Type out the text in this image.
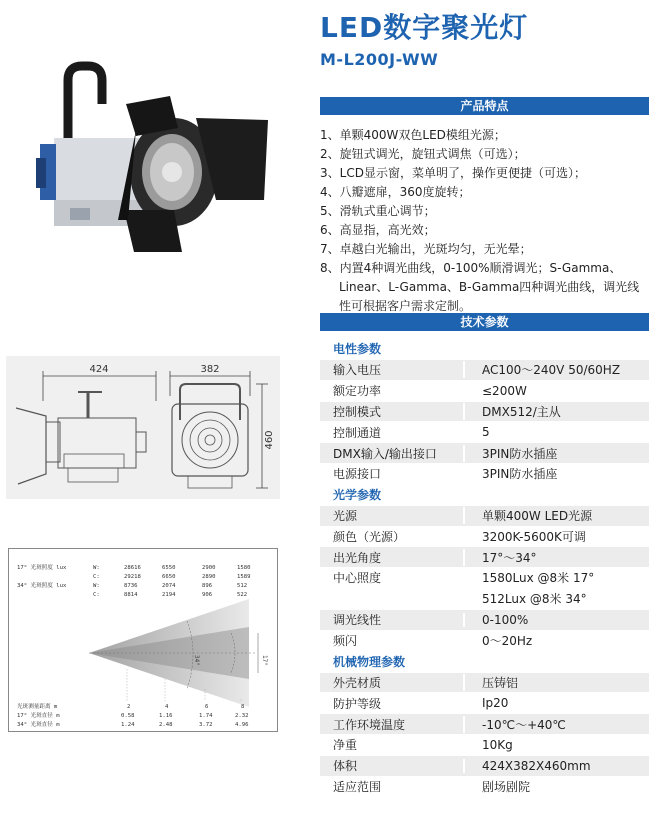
LED数字聚光灯
M-L200J-WW
424	382
460
17° 光斑照度 lux	W:	28616	6550	2900	1580
C:	29218	6650	2890	1589
34° 光斑照度 lux	W:	8736	2074	896	512
C:	8814	2194	906	522
34°	17°
光斑测量距离 m	2	4	6	8
17° 光斑直径 m	0.58	1.16	1.74	2.32
34° 光斑直径 m	1.24	2.48	3.72	4.96
产品特点
1、单颗400W双色LED模组光源；
2、旋钮式调光，旋钮式调焦（可选）；
3、LCD显示窗，菜单明了，操作更便捷（可选）；
4、八瓣遮扉，360度旋转；
5、滑轨式重心调节；
6、高显指，高光效；
7、卓越白光输出，光斑均匀，无光晕；
8、内置4种调光曲线，0-100%顺滑调光；S-Gamma、Linear、L-Gamma、B-Gamma四种调光曲线，调光线性可根据客户需求定制。
技术参数
电性参数
输入电压	AC100～240V 50/60HZ
额定功率	≤200W
控制模式	DMX512/主从
控制通道	5
DMX输入/输出接口	3PIN防水插座
电源接口	3PIN防水插座
光学参数
光源	单颗400W LED光源
颜色（光源）	3200K-5600K可调
出光角度	17°～34°
中心照度	1580Lux @8米 17°
512Lux @8米 34°
调光线性	0-100%
频闪	0～20Hz
机械物理参数
外壳材质	压铸铝
防护等级	Ip20
工作环境温度	-10℃～+40℃
净重	10Kg
体积	424X382X460mm
适应范围	剧场剧院
